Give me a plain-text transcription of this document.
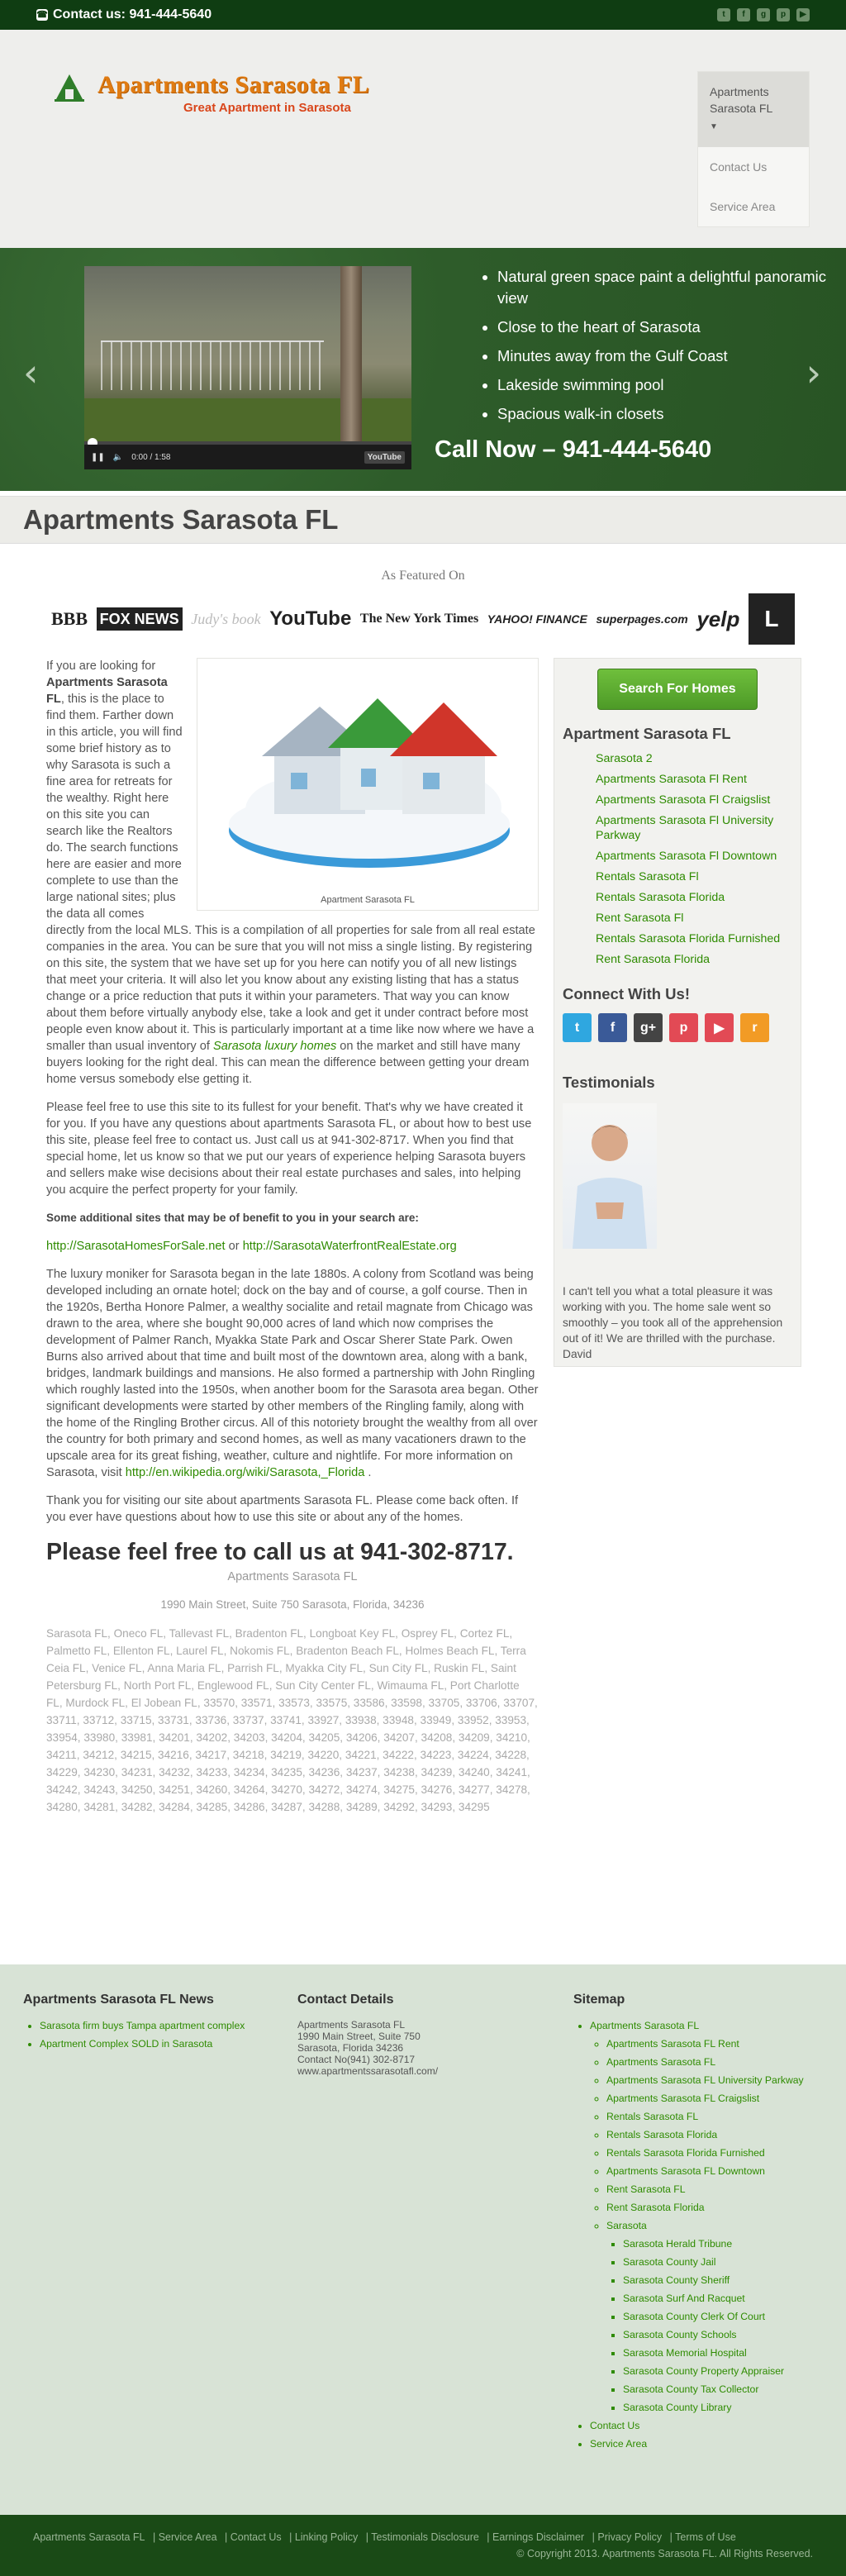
☎ Contact us: 941-444-5640	t	f	g	p	▶
Apartments Sarasota FL
Great Apartment in Sarasota
Apartments Sarasota FL
▼
Contact Us
Service Area
‹
❚❚ 🔈 0:00 / 1:58	YouTube
• Natural green space paint a delightful panoramic view
• Close to the heart of Sarasota
• Minutes away from the Gulf Coast
• Lakeside swimming pool
• Spacious walk-in closets
Call Now – 941-444-5640
›
Apartments Sarasota FL
As Featured On
BBB FOX NEWS Judy's book YouTube The New York Times YAHOO! FINANCE superpages.com yelp	L
Apartment Sarasota FL

If you are looking for Apartments Sarasota FL, this is the place to find them. Farther down in this article, you will find some brief history as to why Sarasota is such a fine area for retreats for the wealthy. Right here on this site you can search like the Realtors do. The search functions here are easier and more complete to use than the large national sites; plus the data all comes directly from the local MLS. This is a compilation of all properties for sale from all real estate companies in the area. You can be sure that you will not miss a single listing. By registering on this site, the system that we have set up for you here can notify you of all new listings that meet your criteria. It will also let you know about any existing listing that has a status change or a price reduction that puts it within your parameters. That way you can know about them before virtually anybody else, take a look and get it under contract before most people even know about it. This is particularly important at a time like now where we have a smaller than usual inventory of Sarasota luxury homes on the market and still have many buyers looking for the right deal. This can mean the difference between getting your dream home versus somebody else getting it.

Please feel free to use this site to its fullest for your benefit. That's why we have created it for you. If you have any questions about apartments Sarasota FL, or about how to best use this site, please feel free to contact us. Just call us at 941-302-8717. When you find that special home, let us know so that we put our years of experience helping Sarasota buyers and sellers make wise decisions about their real estate purchases and sales, into helping you acquire the perfect property for your family.

Some additional sites that may be of benefit to you in your search are:

http://SarasotaHomesForSale.net or http://SarasotaWaterfrontRealEstate.org

The luxury moniker for Sarasota began in the late 1880s. A colony from Scotland was being developed including an ornate hotel; dock on the bay and of course, a golf course. Then in the 1920s, Bertha Honore Palmer, a wealthy socialite and retail magnate from Chicago was drawn to the area, where she bought 90,000 acres of land which now comprises the development of Palmer Ranch, Myakka State Park and Oscar Sherer State Park. Owen Burns also arrived about that time and built most of the downtown area, along with a bank, bridges, landmark buildings and mansions. He also formed a partnership with John Ringling which roughly lasted into the 1950s, when another boom for the Sarasota area began. Other significant developments were started by other members of the Ringling family, along with the home of the Ringling Brother circus. All of this notoriety brought the wealthy from all over the country for both primary and second homes, as well as many vacationers drawn to the upscale area for its great fishing, weather, culture and nightlife. For more information on Sarasota, visit http://en.wikipedia.org/wiki/Sarasota,_Florida .

Thank you for visiting our site about apartments Sarasota FL. Please come back often. If you ever have questions about how to use this site or about any of the homes.

Please feel free to call us at 941-302-8717.
Apartments Sarasota FL
1990 Main Street, Suite 750 Sarasota, Florida, 34236
Sarasota FL, Oneco FL, Tallevast FL, Bradenton FL, Longboat Key FL, Osprey FL, Cortez FL, Palmetto FL, Ellenton FL, Laurel FL, Nokomis FL, Bradenton Beach FL, Holmes Beach FL, Terra Ceia FL, Venice FL, Anna Maria FL, Parrish FL, Myakka City FL, Sun City FL, Ruskin FL, Saint Petersburg FL, North Port FL, Englewood FL, Sun City Center FL, Wimauma FL, Port Charlotte FL, Murdock FL, El Jobean FL, 33570, 33571, 33573, 33575, 33586, 33598, 33705, 33706, 33707, 33711, 33712, 33715, 33731, 33736, 33737, 33741, 33927, 33938, 33948, 33949, 33952, 33953, 33954, 33980, 33981, 34201, 34202, 34203, 34204, 34205, 34206, 34207, 34208, 34209, 34210, 34211, 34212, 34215, 34216, 34217, 34218, 34219, 34220, 34221, 34222, 34223, 34224, 34228, 34229, 34230, 34231, 34232, 34233, 34234, 34235, 34236, 34237, 34238, 34239, 34240, 34241, 34242, 34243, 34250, 34251, 34260, 34264, 34270, 34272, 34274, 34275, 34276, 34277, 34278, 34280, 34281, 34282, 34284, 34285, 34286, 34287, 34288, 34289, 34292, 34293, 34295
Search For Homes
Apartment Sarasota FL
Sarasota 2
Apartments Sarasota Fl Rent
Apartments Sarasota Fl Craigslist
Apartments Sarasota Fl University Parkway
Apartments Sarasota Fl Downtown
Rentals Sarasota Fl
Rentals Sarasota Florida
Rent Sarasota Fl
Rentals Sarasota Florida Furnished
Rent Sarasota Florida
Connect With Us!
t	f	g+	p	▶	r
Testimonials
I can't tell you what a total pleasure it was working with you. The home sale went so smoothly – you took all of the apprehension out of it! We are thrilled with the purchase.
David
Apartments Sarasota FL News
• Sarasota firm buys Tampa apartment complex
• Apartment Complex SOLD in Sarasota
Contact Details
Apartments Sarasota FL
1990 Main Street, Suite 750
Sarasota, Florida 34236
Contact No(941) 302-8717
www.apartmentssarasotafl.com/
Sitemap
• Apartments Sarasota FL
◦ Apartments Sarasota FL Rent
◦ Apartments Sarasota FL
◦ Apartments Sarasota FL University Parkway
◦ Apartments Sarasota FL Craigslist
◦ Rentals Sarasota FL
◦ Rentals Sarasota Florida
◦ Rentals Sarasota Florida Furnished
◦ Apartments Sarasota FL Downtown
◦ Rent Sarasota FL
◦ Rent Sarasota Florida
◦ Sarasota
▪ Sarasota Herald Tribune
▪ Sarasota County Jail
▪ Sarasota County Sheriff
▪ Sarasota Surf And Racquet
▪ Sarasota County Clerk Of Court
▪ Sarasota County Schools
▪ Sarasota Memorial Hospital
▪ Sarasota County Property Appraiser
▪ Sarasota County Tax Collector
▪ Sarasota County Library
• Contact Us
• Service Area
Apartments Sarasota FL | Service Area | Contact Us | Linking Policy | Testimonials Disclosure | Earnings Disclaimer | Privacy Policy | Terms of Use
© Copyright 2013. Apartments Sarasota FL. All Rights Reserved.
